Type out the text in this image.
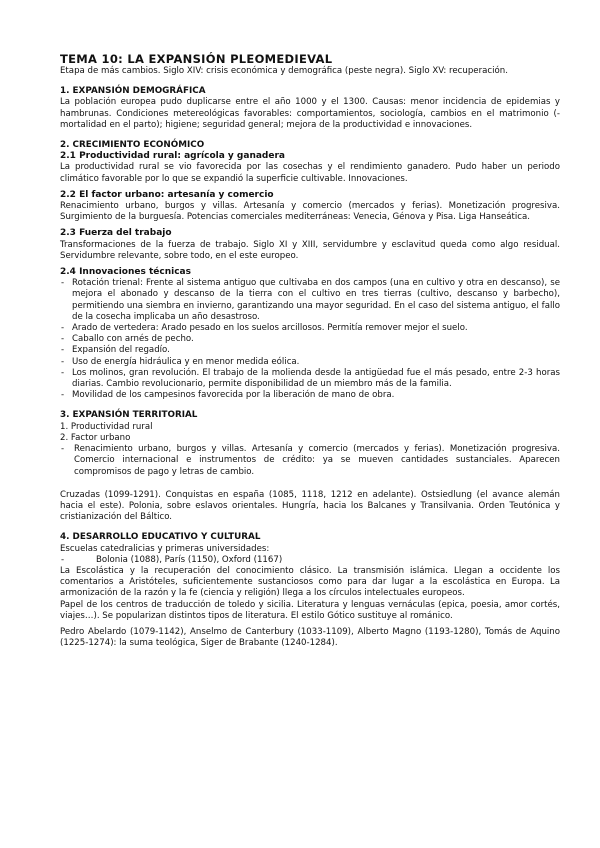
TEMA 10: LA EXPANSIÓN PLEOMEDIEVAL

Etapa de más cambios. Siglo XIV: crisis económica y demográfica (peste negra). Siglo XV: recuperación.

1. EXPANSIÓN DEMOGRÁFICA

La población europea pudo duplicarse entre el año 1000 y el 1300. Causas: menor incidencia de epidemias y hambrunas. Condiciones metereológicas favorables: comportamientos, sociología, cambios en el matrimonio (- mortalidad en el parto); higiene; seguridad general; mejora de la productividad e innovaciones.

2. CRECIMIENTO ECONÓMICO
2.1 Productividad rural: agrícola y ganadera

La productividad rural se vio favorecida por las cosechas y el rendimiento ganadero. Pudo haber un periodo climático favorable por lo que se expandió la superficie cultivable. Innovaciones.

2.2 El factor urbano: artesanía y comercio

Renacimiento urbano, burgos y villas. Artesanía y comercio (mercados y ferias). Monetización progresiva. Surgimiento de la burguesía. Potencias comerciales mediterráneas: Venecia, Génova y Pisa. Liga Hanseática.

2.3 Fuerza del trabajo

Transformaciones de la fuerza de trabajo. Siglo XI y XIII, servidumbre y esclavitud queda como algo residual. Servidumbre relevante, sobre todo, en el este europeo.

2.4 Innovaciones técnicas
- Rotación trienal: Frente al sistema antiguo que cultivaba en dos campos (una en cultivo y otra en descanso), se mejora el abonado y descanso de la tierra con el cultivo en tres tierras (cultivo, descanso y barbecho), permitiendo una siembra en invierno, garantizando una mayor seguridad. En el caso del sistema antiguo, el fallo de la cosecha implicaba un año desastroso.
- Arado de vertedera: Arado pesado en los suelos arcillosos. Permitía remover mejor el suelo.
- Caballo con arnés de pecho.
- Expansión del regadío.
- Uso de energía hidráulica y en menor medida eólica.
- Los molinos, gran revolución. El trabajo de la molienda desde la antigüedad fue el más pesado, entre 2-3 horas diarias. Cambio revolucionario, permite disponibilidad de un miembro más de la familia.
- Movilidad de los campesinos favorecida por la liberación de mano de obra.
3. EXPANSIÓN TERRITORIAL
1. Productividad rural
2. Factor urbano
- Renacimiento urbano, burgos y villas. Artesanía y comercio (mercados y ferias). Monetización progresiva. Comercio internacional e instrumentos de crédito: ya se mueven cantidades sustanciales. Aparecen compromisos de pago y letras de cambio.

Cruzadas (1099-1291). Conquistas en españa (1085, 1118, 1212 en adelante). Ostsiedlung (el avance alemán hacia el este). Polonia, sobre eslavos orientales. Hungría, hacia los Balcanes y Transilvania. Orden Teutónica y cristianización del Báltico.

4. DESARROLLO EDUCATIVO Y CULTURAL

Escuelas catedralicias y primeras universidades:

- Bolonia (1088), París (1150), Oxford (1167)

La Escolástica y la recuperación del conocimiento clásico. La transmisión islámica. Llegan a occidente los comentarios a Aristóteles, suficientemente sustanciosos como para dar lugar a la escolástica en Europa. La armonización de la razón y la fe (ciencia y religión) llega a los círculos intelectuales europeos.

Papel de los centros de traducción de toledo y sicilia. Literatura y lenguas vernáculas (epica, poesia, amor cortés, viajes…). Se popularizan distintos tipos de literatura. El estilo Gótico sustituye al románico.

Pedro Abelardo (1079-1142), Anselmo de Canterbury (1033-1109), Alberto Magno (1193-1280), Tomás de Aquino (1225-1274): la suma teológica, Siger de Brabante (1240-1284).
